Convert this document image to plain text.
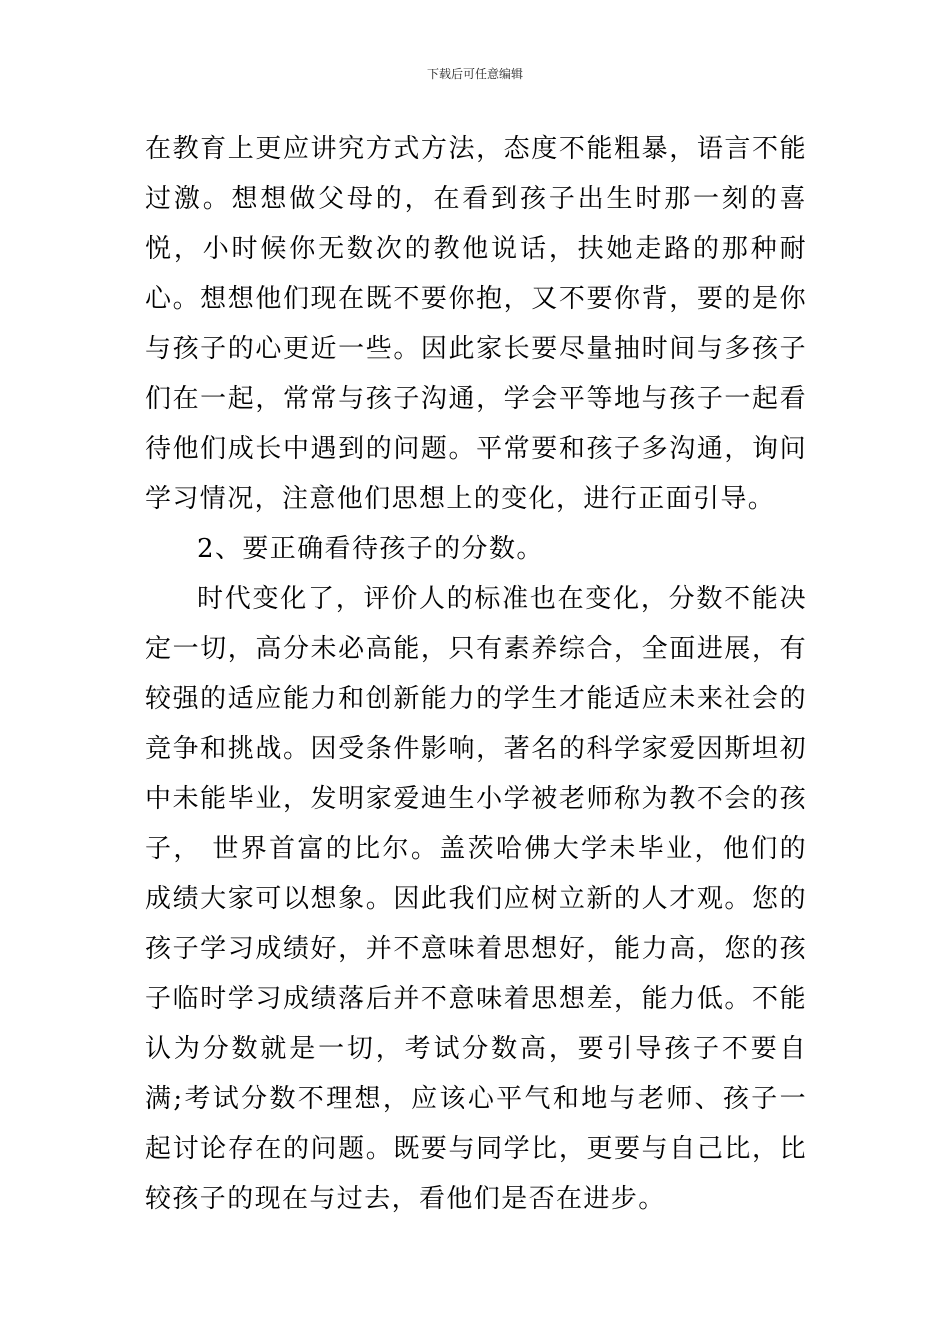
下载后可任意编辑

在教育上更应讲究方式方法，态度不能粗暴，语言不能过激。想想做父母的，在看到孩子出生时那一刻的喜悦，小时候你无数次的教他说话，扶她走路的那种耐心。想想他们现在既不要你抱，又不要你背，要的是你与孩子的心更近一些。因此家长要尽量抽时间与多孩子们在一起，常常与孩子沟通，学会平等地与孩子一起看待他们成长中遇到的问题。平常要和孩子多沟通，询问学习情况，注意他们思想上的变化，进行正面引导。

2、要正确看待孩子的分数。

时代变化了，评价人的标准也在变化，分数不能决定一切，高分未必高能，只有素养综合，全面进展，有较强的适应能力和创新能力的学生才能适应未来社会的竞争和挑战。因受条件影响，著名的科学家爱因斯坦初中未能毕业，发明家爱迪生小学被老师称为教不会的孩子， 世界首富的比尔。盖茨哈佛大学未毕业，他们的成绩大家可以想象。因此我们应树立新的人才观。您的孩子学习成绩好，并不意味着思想好，能力高，您的孩子临时学习成绩落后并不意味着思想差，能力低。不能认为分数就是一切，考试分数高，要引导孩子不要自满;考试分数不理想，应该心平气和地与老师、孩子一起讨论存在的问题。既要与同学比，更要与自己比，比较孩子的现在与过去，看他们是否在进步。
